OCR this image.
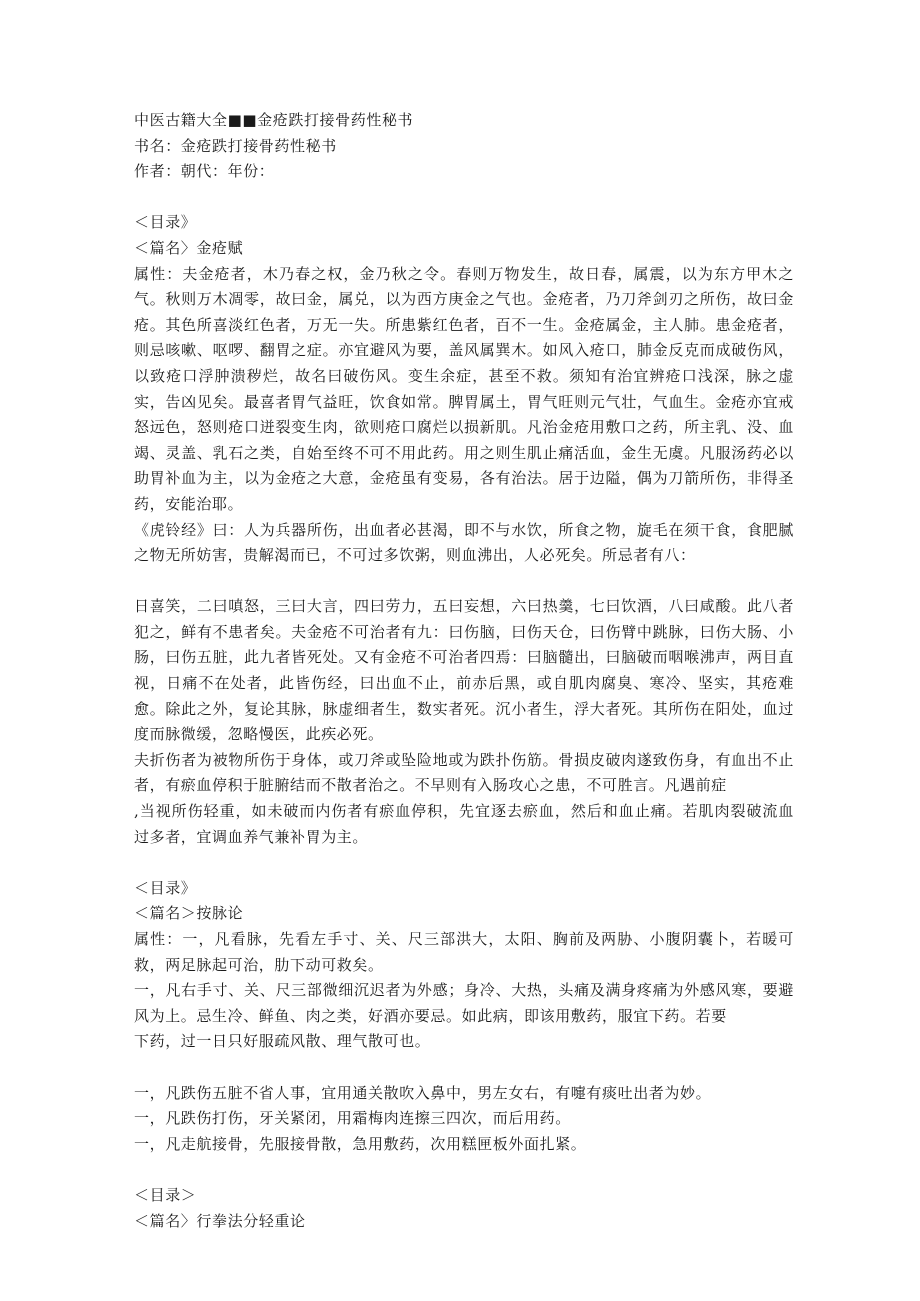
中医古籍大全■■金疮跌打接骨药性秘书
书名：金疮跌打接骨药性秘书
作者：朝代：年份：
＜目录》
＜篇名〉金疮赋
属性：夫金疮者，木乃春之权，金乃秋之令。春则万物发生，故日春，属震，以为东方甲木之
气。秋则万木凋零，故曰金，属兑，以为西方庚金之气也。金疮者，乃刀斧剑刃之所伤，故曰金
疮。其色所喜淡红色者，万无一失。所患紫红色者，百不一生。金疮属金，主人肺。患金疮者，
则忌咳嗽、呕啰、翻胃之症。亦宜避风为要，盖风属巽木。如风入疮口，肺金反克而成破伤风，
以致疮口浮肿溃秽烂，故名曰破伤风。变生余症，甚至不救。须知有治宜辨疮口浅深，脉之虚
实，告凶见矣。最喜者胃气益旺，饮食如常。脾胃属土，胃气旺则元气壮，气血生。金疮亦宜戒
怒远色，怒则疮口迸裂变生肉，欲则疮口腐烂以损新肌。凡治金疮用敷口之药，所主乳、没、血
竭、灵盖、乳石之类，自始至终不可不用此药。用之则生肌止痛活血，金生无虞。凡服汤药必以
助胃补血为主，以为金疮之大意，金疮虽有变易，各有治法。居于边隘，偶为刀箭所伤，非得圣
药，安能治耶。
《虎铃经》曰：人为兵器所伤，出血者必甚渴，即不与水饮，所食之物，旋毛在须干食，食肥腻
之物无所妨害，贵解渴而已，不可过多饮粥，则血沸出，人必死矣。所忌者有八：
日喜笑，二曰嗔怒，三曰大言，四曰劳力，五曰妄想，六曰热羹，七曰饮酒，八曰咸酸。此八者
犯之，鲜有不患者矣。夫金疮不可治者有九：曰伤脑，曰伤天仓，曰伤臂中跳脉，曰伤大肠、小
肠，曰伤五脏，此九者皆死处。又有金疮不可治者四焉：曰脑髓出，曰脑破而咽喉沸声，两目直
视，日痛不在处者，此皆伤经，曰出血不止，前赤后黑，或自肌肉腐臭、寒冷、坚实，其疮难
愈。除此之外，复论其脉，脉虚细者生，数实者死。沉小者生，浮大者死。其所伤在阳处，血过
度而脉微缓，忽略慢医，此疾必死。
夫折伤者为被物所伤于身体，或刀斧或坠险地或为跌扑伤筋。骨损皮破肉遂致伤身，有血出不止
者，有瘀血停积于脏腑结而不散者治之。不早则有入肠攻心之患，不可胜言。凡遇前症
,当视所伤轻重，如未破而内伤者有瘀血停积，先宜逐去瘀血，然后和血止痛。若肌肉裂破流血
过多者，宜调血养气兼补胃为主。
＜目录》
＜篇名＞按脉论
属性：一，凡看脉，先看左手寸、关、尺三部洪大，太阳、胸前及两胁、小腹阴囊卜，若暖可
救，两足脉起可治，肋下动可救矣。
一，凡右手寸、关、尺三部微细沉迟者为外感；身冷、大热，头痛及满身疼痛为外感风寒，要避
风为上。忌生冷、鲜鱼、肉之类，好酒亦要忌。如此病，即该用敷药，服宜下药。若要
下药，过一日只好服疏风散、理气散可也。
一，凡跌伤五脏不省人事，宜用通关散吹入鼻中，男左女右，有嚏有痰吐出者为妙。
一，凡跌伤打伤，牙关紧闭，用霜梅肉连擦三四次，而后用药。
一，凡走航接骨，先服接骨散，急用敷药，次用糕匣板外面扎紧。
＜目录＞
＜篇名〉行拳法分轻重论
